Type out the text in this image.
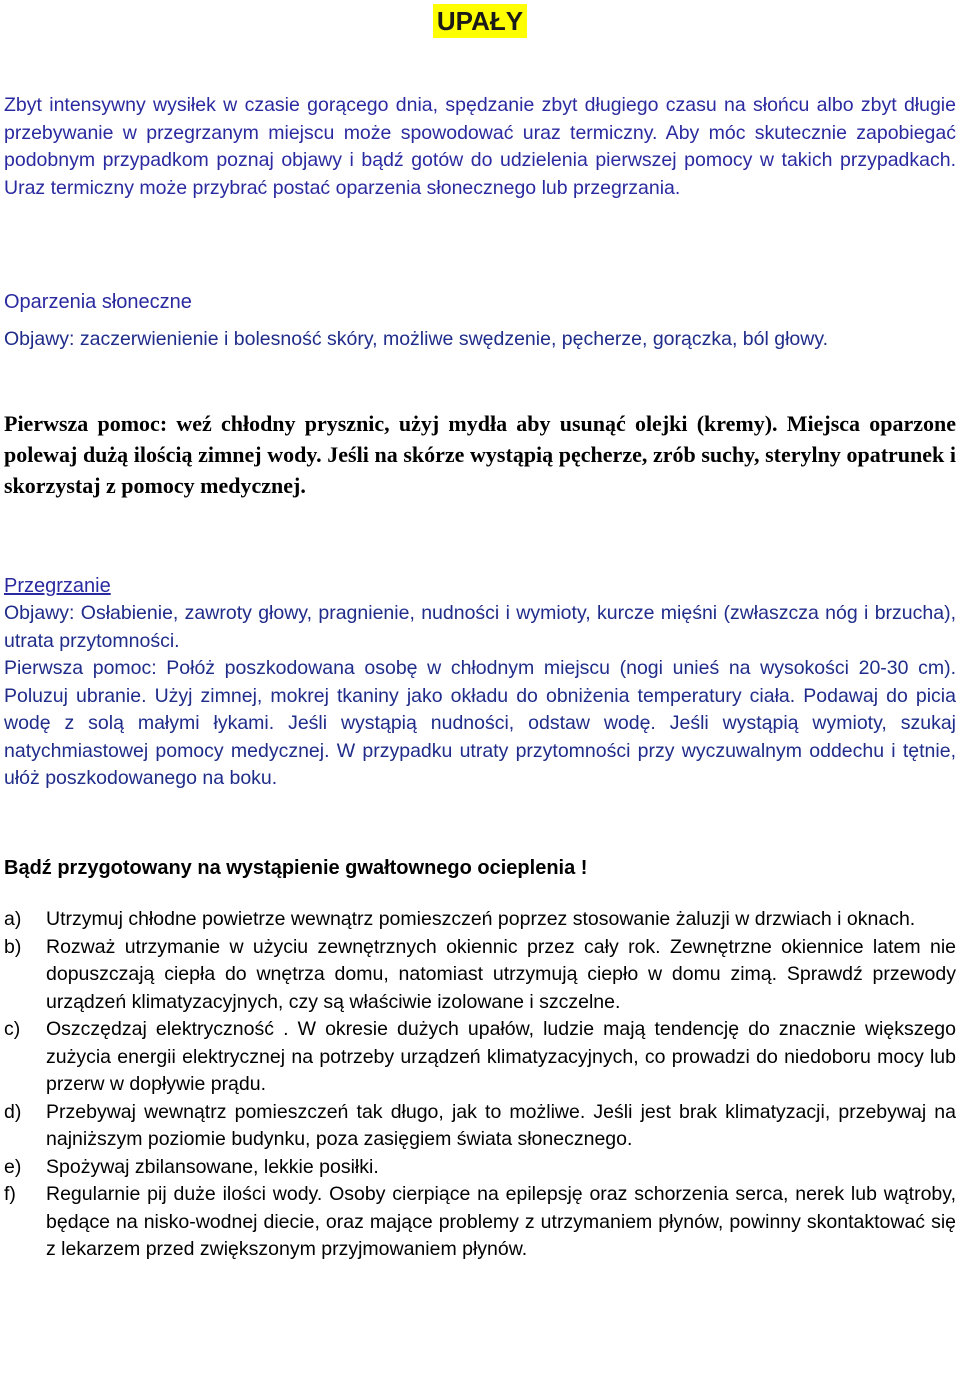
UPAŁY

Zbyt intensywny wysiłek w czasie gorącego dnia, spędzanie zbyt długiego czasu na słońcu albo zbyt długie przebywanie w przegrzanym miejscu może spowodować uraz termiczny. Aby móc skutecznie zapobiegać podobnym przypadkom poznaj objawy i bądź gotów do udzielenia pierwszej pomocy w takich przypadkach. Uraz termiczny może przybrać postać oparzenia słonecznego lub przegrzania.

Oparzenia słoneczne

Objawy: zaczerwienienie i bolesność skóry, możliwe swędzenie, pęcherze, gorączka, ból głowy.

Pierwsza pomoc: weź chłodny prysznic, użyj mydła aby usunąć olejki (kremy). Miejsca oparzone polewaj dużą ilością zimnej wody. Jeśli na skórze wystąpią pęcherze, zrób suchy, sterylny opatrunek i skorzystaj z pomocy medycznej.

Przegrzanie

Objawy: Osłabienie, zawroty głowy, pragnienie, nudności i wymioty, kurcze mięśni (zwłaszcza nóg i brzucha), utrata przytomności.

Pierwsza pomoc: Połóż poszkodowana osobę w chłodnym miejscu (nogi unieś na wysokości 20-30 cm). Poluzuj ubranie. Użyj zimnej, mokrej tkaniny jako okładu do obniżenia temperatury ciała. Podawaj do picia wodę z solą małymi łykami. Jeśli wystąpią nudności, odstaw wodę. Jeśli wystąpią wymioty, szukaj natychmiastowej pomocy medycznej. W przypadku utraty przytomności przy wyczuwalnym oddechu i tętnie, ułóż poszkodowanego na boku.

Bądź przygotowany na wystąpienie gwałtownego ocieplenia !

a) Utrzymuj chłodne powietrze wewnątrz pomieszczeń poprzez stosowanie żaluzji w drzwiach i oknach.
b) Rozważ utrzymanie w użyciu zewnętrznych okiennic przez cały rok. Zewnętrzne okiennice latem nie dopuszczają ciepła do wnętrza domu, natomiast utrzymują ciepło w domu zimą. Sprawdź przewody urządzeń klimatyzacyjnych, czy są właściwie izolowane i szczelne.
c) Oszczędzaj elektryczność . W okresie dużych upałów, ludzie mają tendencję do znacznie większego zużycia energii elektrycznej na potrzeby urządzeń klimatyzacyjnych, co prowadzi do niedoboru mocy lub przerw w dopływie prądu.
d) Przebywaj wewnątrz pomieszczeń tak długo, jak to możliwe. Jeśli jest brak klimatyzacji, przebywaj na najniższym poziomie budynku, poza zasięgiem świata słonecznego.
e) Spożywaj zbilansowane, lekkie posiłki.
f) Regularnie pij duże ilości wody. Osoby cierpiące na epilepsję oraz schorzenia serca, nerek lub wątroby, będące na nisko-wodnej diecie, oraz mające problemy z utrzymaniem płynów, powinny skontaktować się z lekarzem przed zwiększonym przyjmowaniem płynów.
